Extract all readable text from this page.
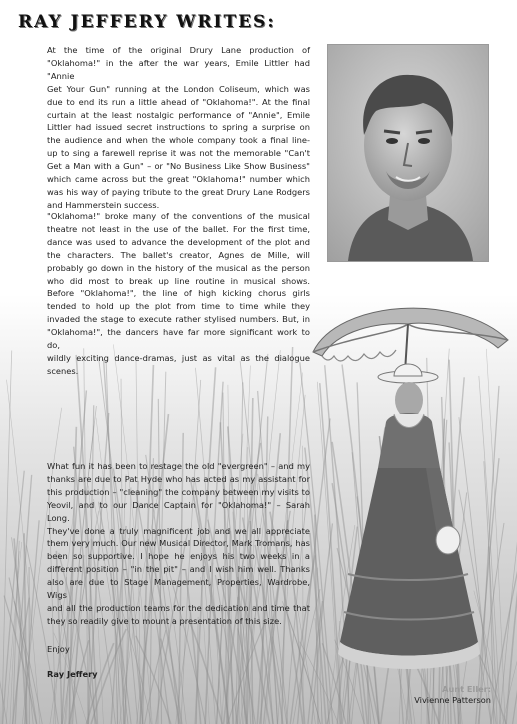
RAY JEFFERY WRITES:
At the time of the original Drury Lane production of
"Oklahoma!" in the after the war years, Emile Littler had "Annie
Get Your Gun" running at the London Coliseum, which was
due to end its run a little ahead of "Oklahoma!". At the final
curtain at the least nostalgic performance of "Annie", Emile
Littler had issued secret instructions to spring a surprise on
the audience and when the whole company took a final line-
up to sing a farewell reprise it was not the memorable "Can't
Get a Man with a Gun" – or "No Business Like Show Business"
which came across but the great "Oklahoma!" number which
was his way of paying tribute to the great Drury Lane Rodgers
and Hammerstein success.
"Oklahoma!" broke many of the conventions of the musical
theatre not least in the use of the ballet. For the first time,
dance was used to advance the development of the plot and
the characters. The ballet's creator, Agnes de Mille, will
probably go down in the history of the musical as the person
who did most to break up line routine in musical shows.
Before "Oklahoma!", the line of high kicking chorus girls
tended to hold up the plot from time to time while they
invaded the stage to execute rather stylised numbers. But, in
"Oklahoma!", the dancers have far more significant work to do,
wildly exciting dance-dramas, just as vital as the dialogue
scenes.
What fun it has been to restage the old "evergreen" – and my
thanks are due to Pat Hyde who has acted as my assistant for
this production – "cleaning" the company between my visits to
Yeovil, and to our Dance Captain for "Oklahoma!" – Sarah Long.
They've done a truly magnificent job and we all appreciate
them very much. Our new Musical Director, Mark Tromans, has
been so supportive. I hope he enjoys his two weeks in a
different position – "in the pit" – and I wish him well. Thanks
also are due to Stage Management, Properties, Wardrobe, Wigs
and all the production teams for the dedication and time that
they so readily give to mount a presentation of this size.

Enjoy

Ray Jeffery

Aunt Eller:
Vivienne Patterson
